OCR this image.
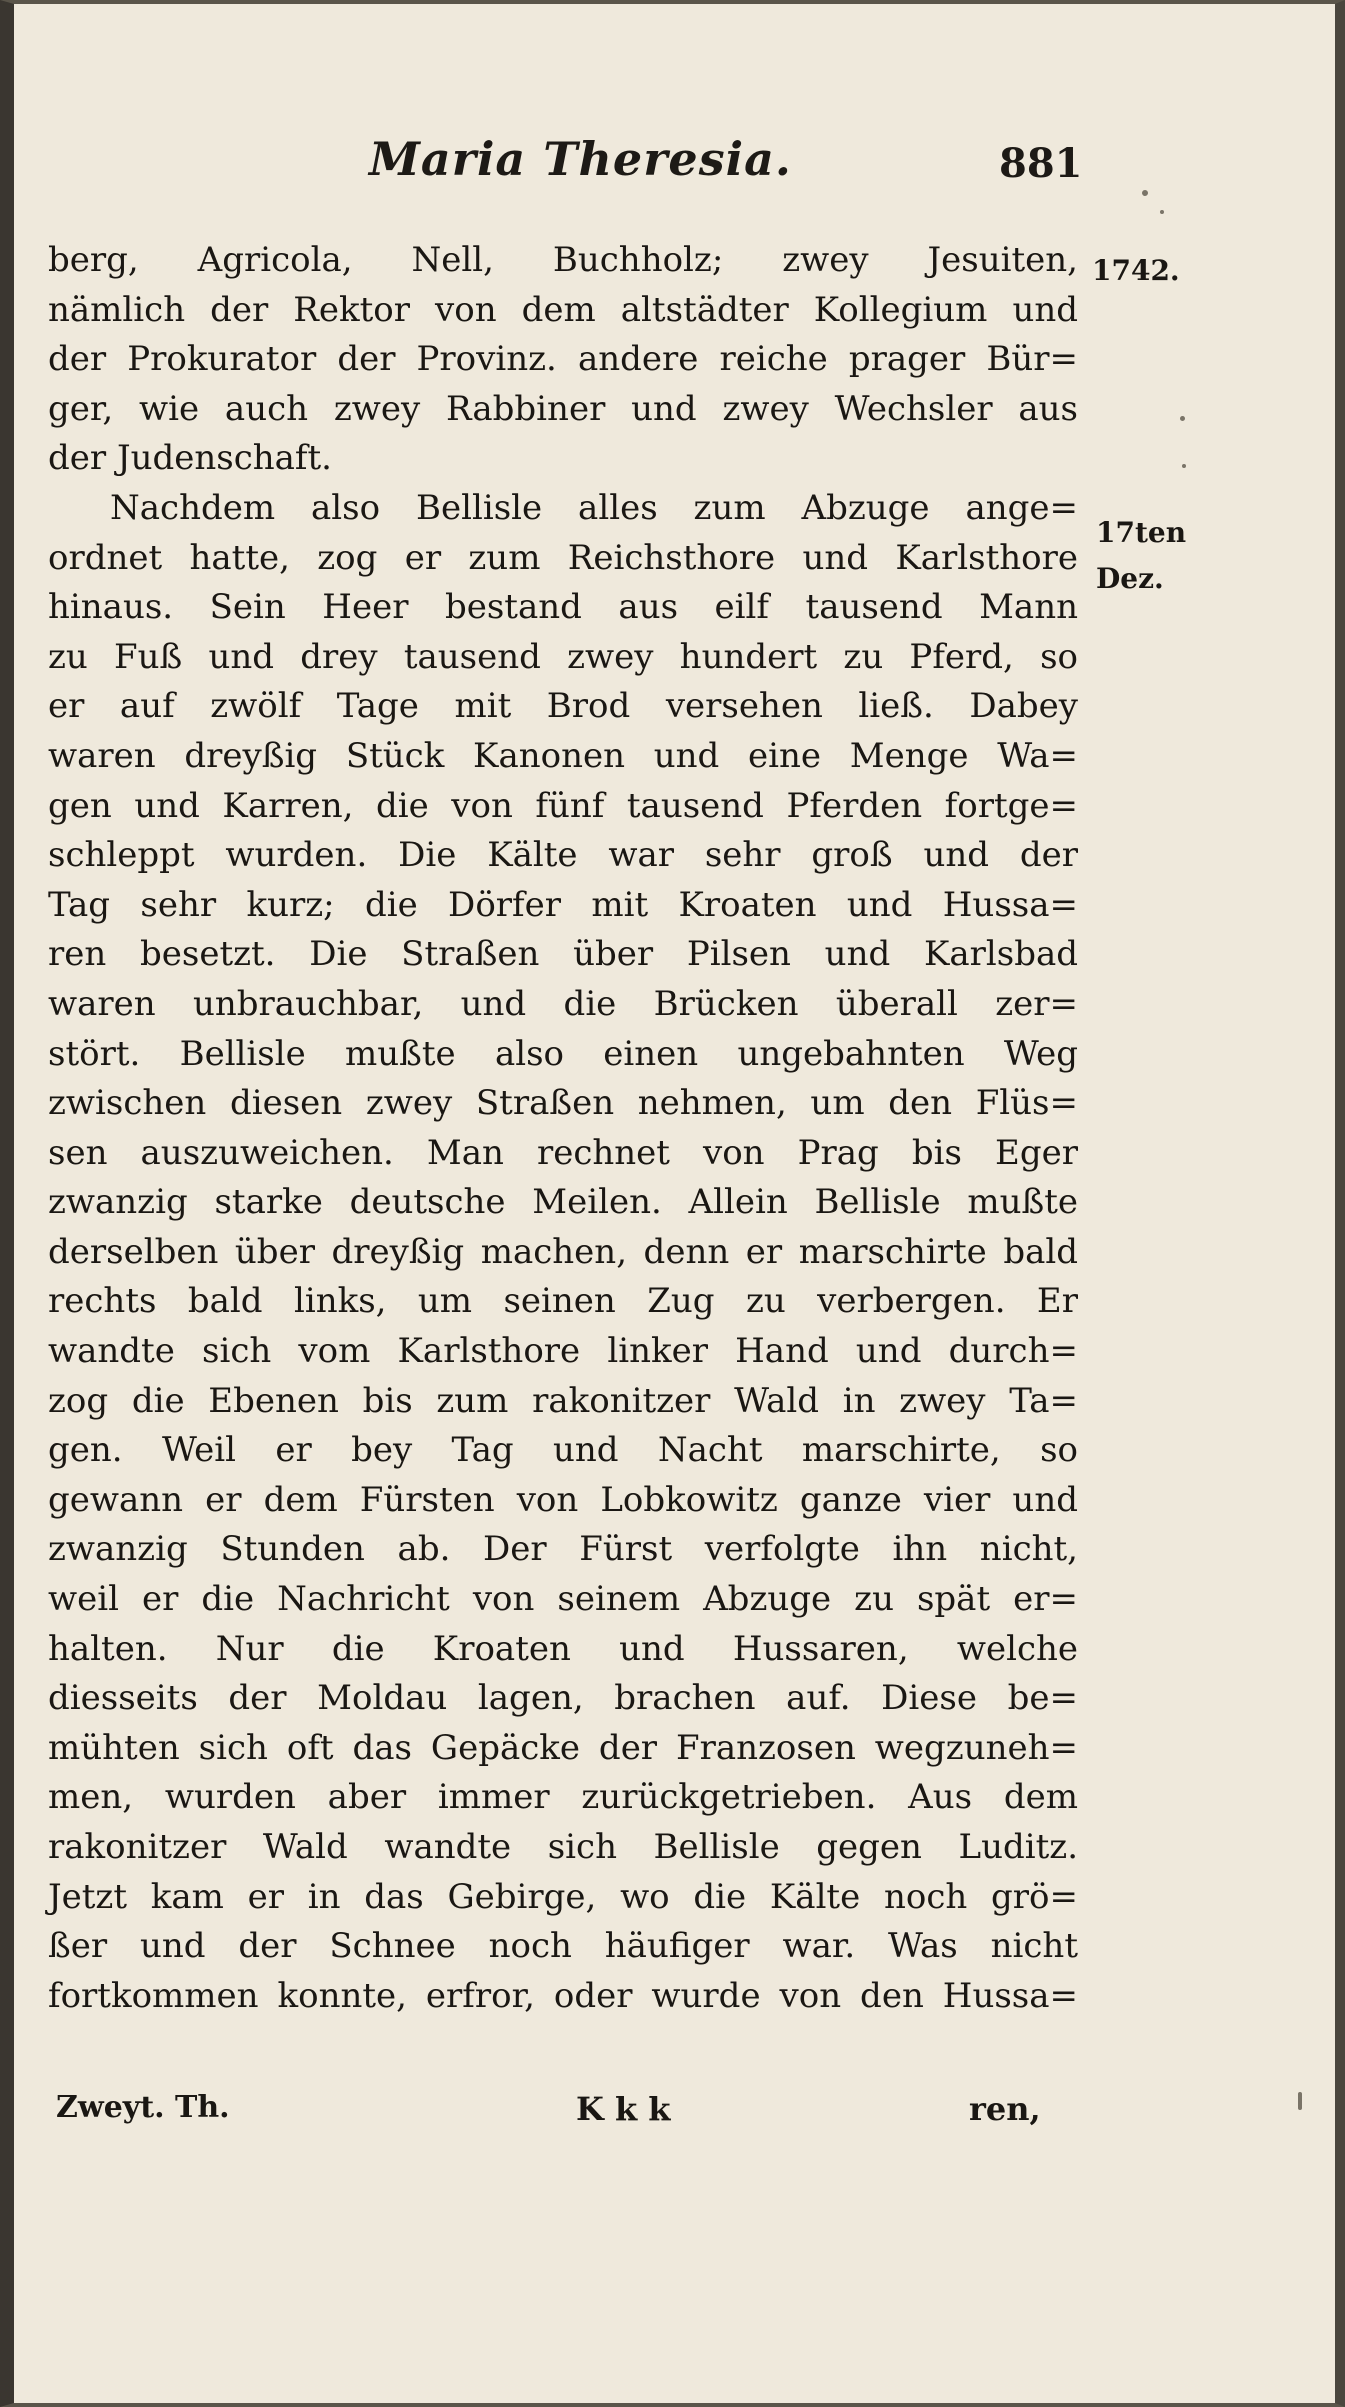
Maria Theresia.	881
1742.
17ten
Dez.
berg, Agricola, Nell, Buchholz; zwey Jesuiten,
nämlich der Rektor von dem altstädter Kollegium und
der Prokurator der Provinz. andere reiche prager Bür=
ger, wie auch zwey Rabbiner und zwey Wechsler aus
der Judenschaft.
Nachdem also Bellisle alles zum Abzuge ange=
ordnet hatte, zog er zum Reichsthore und Karlsthore
hinaus. Sein Heer bestand aus eilf tausend Mann
zu Fuß und drey tausend zwey hundert zu Pferd, so
er auf zwölf Tage mit Brod versehen ließ. Dabey
waren dreyßig Stück Kanonen und eine Menge Wa=
gen und Karren, die von fünf tausend Pferden fortge=
schleppt wurden. Die Kälte war sehr groß und der
Tag sehr kurz; die Dörfer mit Kroaten und Hussa=
ren besetzt. Die Straßen über Pilsen und Karlsbad
waren unbrauchbar, und die Brücken überall zer=
stört. Bellisle mußte also einen ungebahnten Weg
zwischen diesen zwey Straßen nehmen, um den Flüs=
sen auszuweichen. Man rechnet von Prag bis Eger
zwanzig starke deutsche Meilen. Allein Bellisle mußte
derselben über dreyßig machen, denn er marschirte bald
rechts bald links, um seinen Zug zu verbergen. Er
wandte sich vom Karlsthore linker Hand und durch=
zog die Ebenen bis zum rakonitzer Wald in zwey Ta=
gen. Weil er bey Tag und Nacht marschirte, so
gewann er dem Fürsten von Lobkowitz ganze vier und
zwanzig Stunden ab. Der Fürst verfolgte ihn nicht,
weil er die Nachricht von seinem Abzuge zu spät er=
halten. Nur die Kroaten und Hussaren, welche
diesseits der Moldau lagen, brachen auf. Diese be=
mühten sich oft das Gepäcke der Franzosen wegzuneh=
men, wurden aber immer zurückgetrieben. Aus dem
rakonitzer Wald wandte sich Bellisle gegen Luditz.
Jetzt kam er in das Gebirge, wo die Kälte noch grö=
ßer und der Schnee noch häufiger war. Was nicht
fortkommen konnte, erfror, oder wurde von den Hussa=
Zweyt. Th.	K k k	ren,
